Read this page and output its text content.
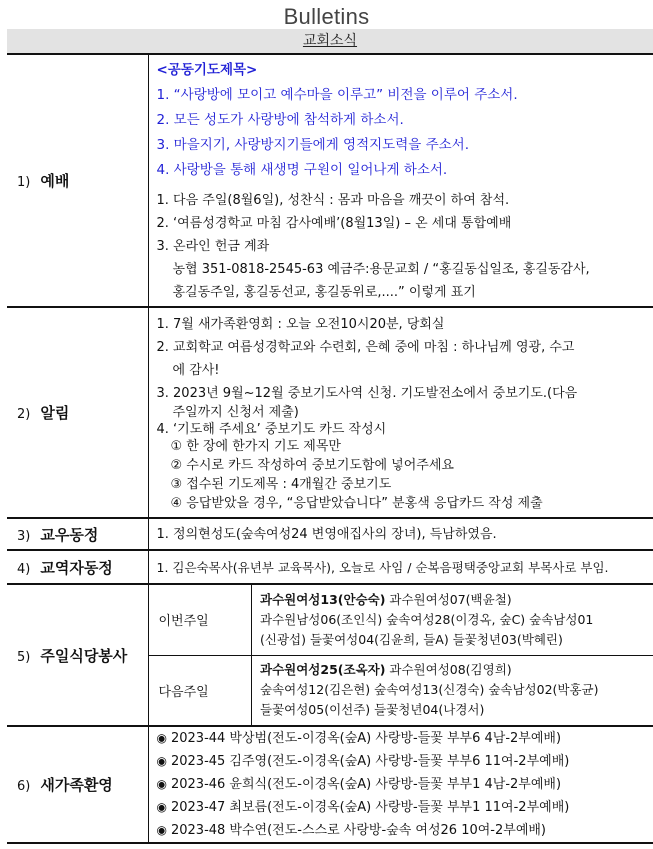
Bulletins
교회소식
1) 예배	
<공동기도제목>
1. “사랑방에 모이고 예수마을 이루고” 비전을 이루어 주소서.
2. 모든 성도가 사랑방에 참석하게 하소서.
3. 마을지기, 사랑방지기들에게 영적지도력을 주소서.
4. 사랑방을 통해 새생명 구원이 일어나게 하소서.
1. 다음 주일(8월6일), 성찬식 : 몸과 마음을 깨끗이 하여 참석.
2. ‘여름성경학교 마침 감사예배’(8월13일) – 온 세대 통합예배
3. 온라인 헌금 계좌
농협 351-0818-2545-63 예금주:용문교회 / “홍길동십일조, 홍길동감사,
홍길동주일, 홍길동선교, 홍길동위로,....” 이렇게 표기

2) 알림	
1. 7월 새가족환영회 : 오늘 오전10시20분, 당회실
2. 교회학교 여름성경학교와 수련회, 은혜 중에 마침 : 하나님께 영광, 수고
에 감사!
3. 2023년 9월~12월 중보기도사역 신청. 기도발전소에서 중보기도.(다음
주일까지 신청서 제출)
4. ‘기도해 주세요’ 중보기도 카드 작성시
① 한 장에 한가지 기도 제목만
② 수시로 카드 작성하여 중보기도함에 넣어주세요
③ 접수된 기도제목 : 4개월간 중보기도
④ 응답받았을 경우, “응답받았습니다” 분홍색 응답카드 작성 제출

3) 교우동정	1. 정의현성도(숲속여성24 변영애집사의 장녀), 득남하였음.
4) 교역자동정	1. 김은숙목사(유년부 교육목사), 오늘로 사임 / 순복음평택중앙교회 부목사로 부임.
5) 주일식당봉사	
이번주일	
과수원여성13(안승숙) 과수원여성07(백윤철)
과수원남성06(조인식) 숲속여성28(이경옥, 숲C) 숲속남성01
(신광섭) 들꽃여성04(김윤희, 들A) 들꽃청년03(박혜린)

다음주일	
과수원여성25(조옥자) 과수원여성08(김영희)
숲속여성12(김은현) 숲속여성13(신경숙) 숲속남성02(박홍균)
들꽃여성05(이선주) 들꽃청년04(나경서)

6) 새가족환영	
◉ 2023-44 박상범(전도-이경옥(숲A) 사랑방-들꽃 부부6 4남-2부예배)
◉ 2023-45 김주영(전도-이경옥(숲A) 사랑방-들꽃 부부6 11여-2부예배)
◉ 2023-46 윤희식(전도-이경옥(숲A) 사랑방-들꽃 부부1 4남-2부예배)
◉ 2023-47 최보름(전도-이경옥(숲A) 사랑방-들꽃 부부1 11여-2부예배)
◉ 2023-48 박수연(전도-스스로 사랑방-숲속 여성26 10여-2부예배)
